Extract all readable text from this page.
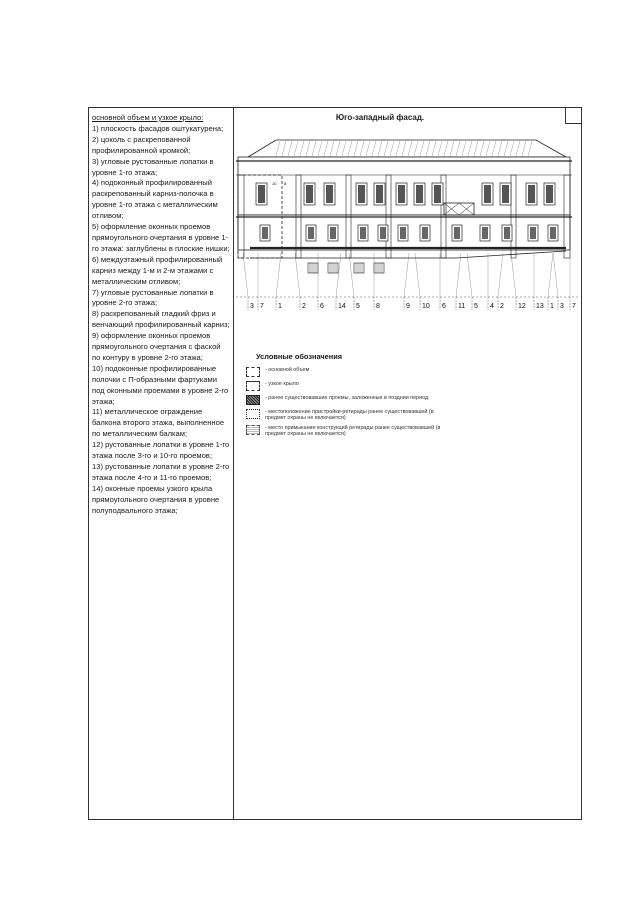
основной объем и узкое крыло:

1) плоскость фасадов оштукатурена;

2) цоколь с раскрепованной профилированной кромкой;

3) угловые рустованные лопатки в уровне 1-го этажа;

4) подоконный профилированный раскрепованный карниз-полочка в уровне 1-го этажа с металлическим отливом;

5) оформление оконных проемов прямоугольного очертания в уровне 1-го этажа: заглублены в плоские нишки;

6) междуэтажный профилированный карниз между 1-м и 2-м этажами с металлическим отливом;

7) угловые рустованные лопатки в уровне 2-го этажа;

8) раскрепованный гладкий фриз и венчающий профилированный карниз;

9) оформление оконных проемов прямоугольного очертания с фаской по контуру в уровне 2-го этажа;

10) подоконные профилированные полочки с П-образными фартуками под оконными проемами в уровне 2-го этажа;

11) металлическое ограждение балкона второго этажа, выполненное по металлическим балкам;

12) рустованные лопатки в уровне 1-го этажа после 3-го и 10-го проемов;

13) рустованные лопатки в уровне 2-го этажа после 4-го и 11-го проемов;

14) оконные проемы узкого крыла прямоугольного очертания в уровне полуподвального этажа;

Юго-западный фасад.
10 8
3 7 1	2 6 14 5 8	9 10 6 11 5 4 2 12 13 1 3 7
Условные обозначения
- основной объем
- узкое крыло
- ранее существовавшие проемы, заложенные в позднии период
- местоположение пристройки-ретирады ранее существовавшей (в предмет охраны не включается)
- место примыкания конструкций ретирады ранее существовавшей (в предмет охраны не включается)
